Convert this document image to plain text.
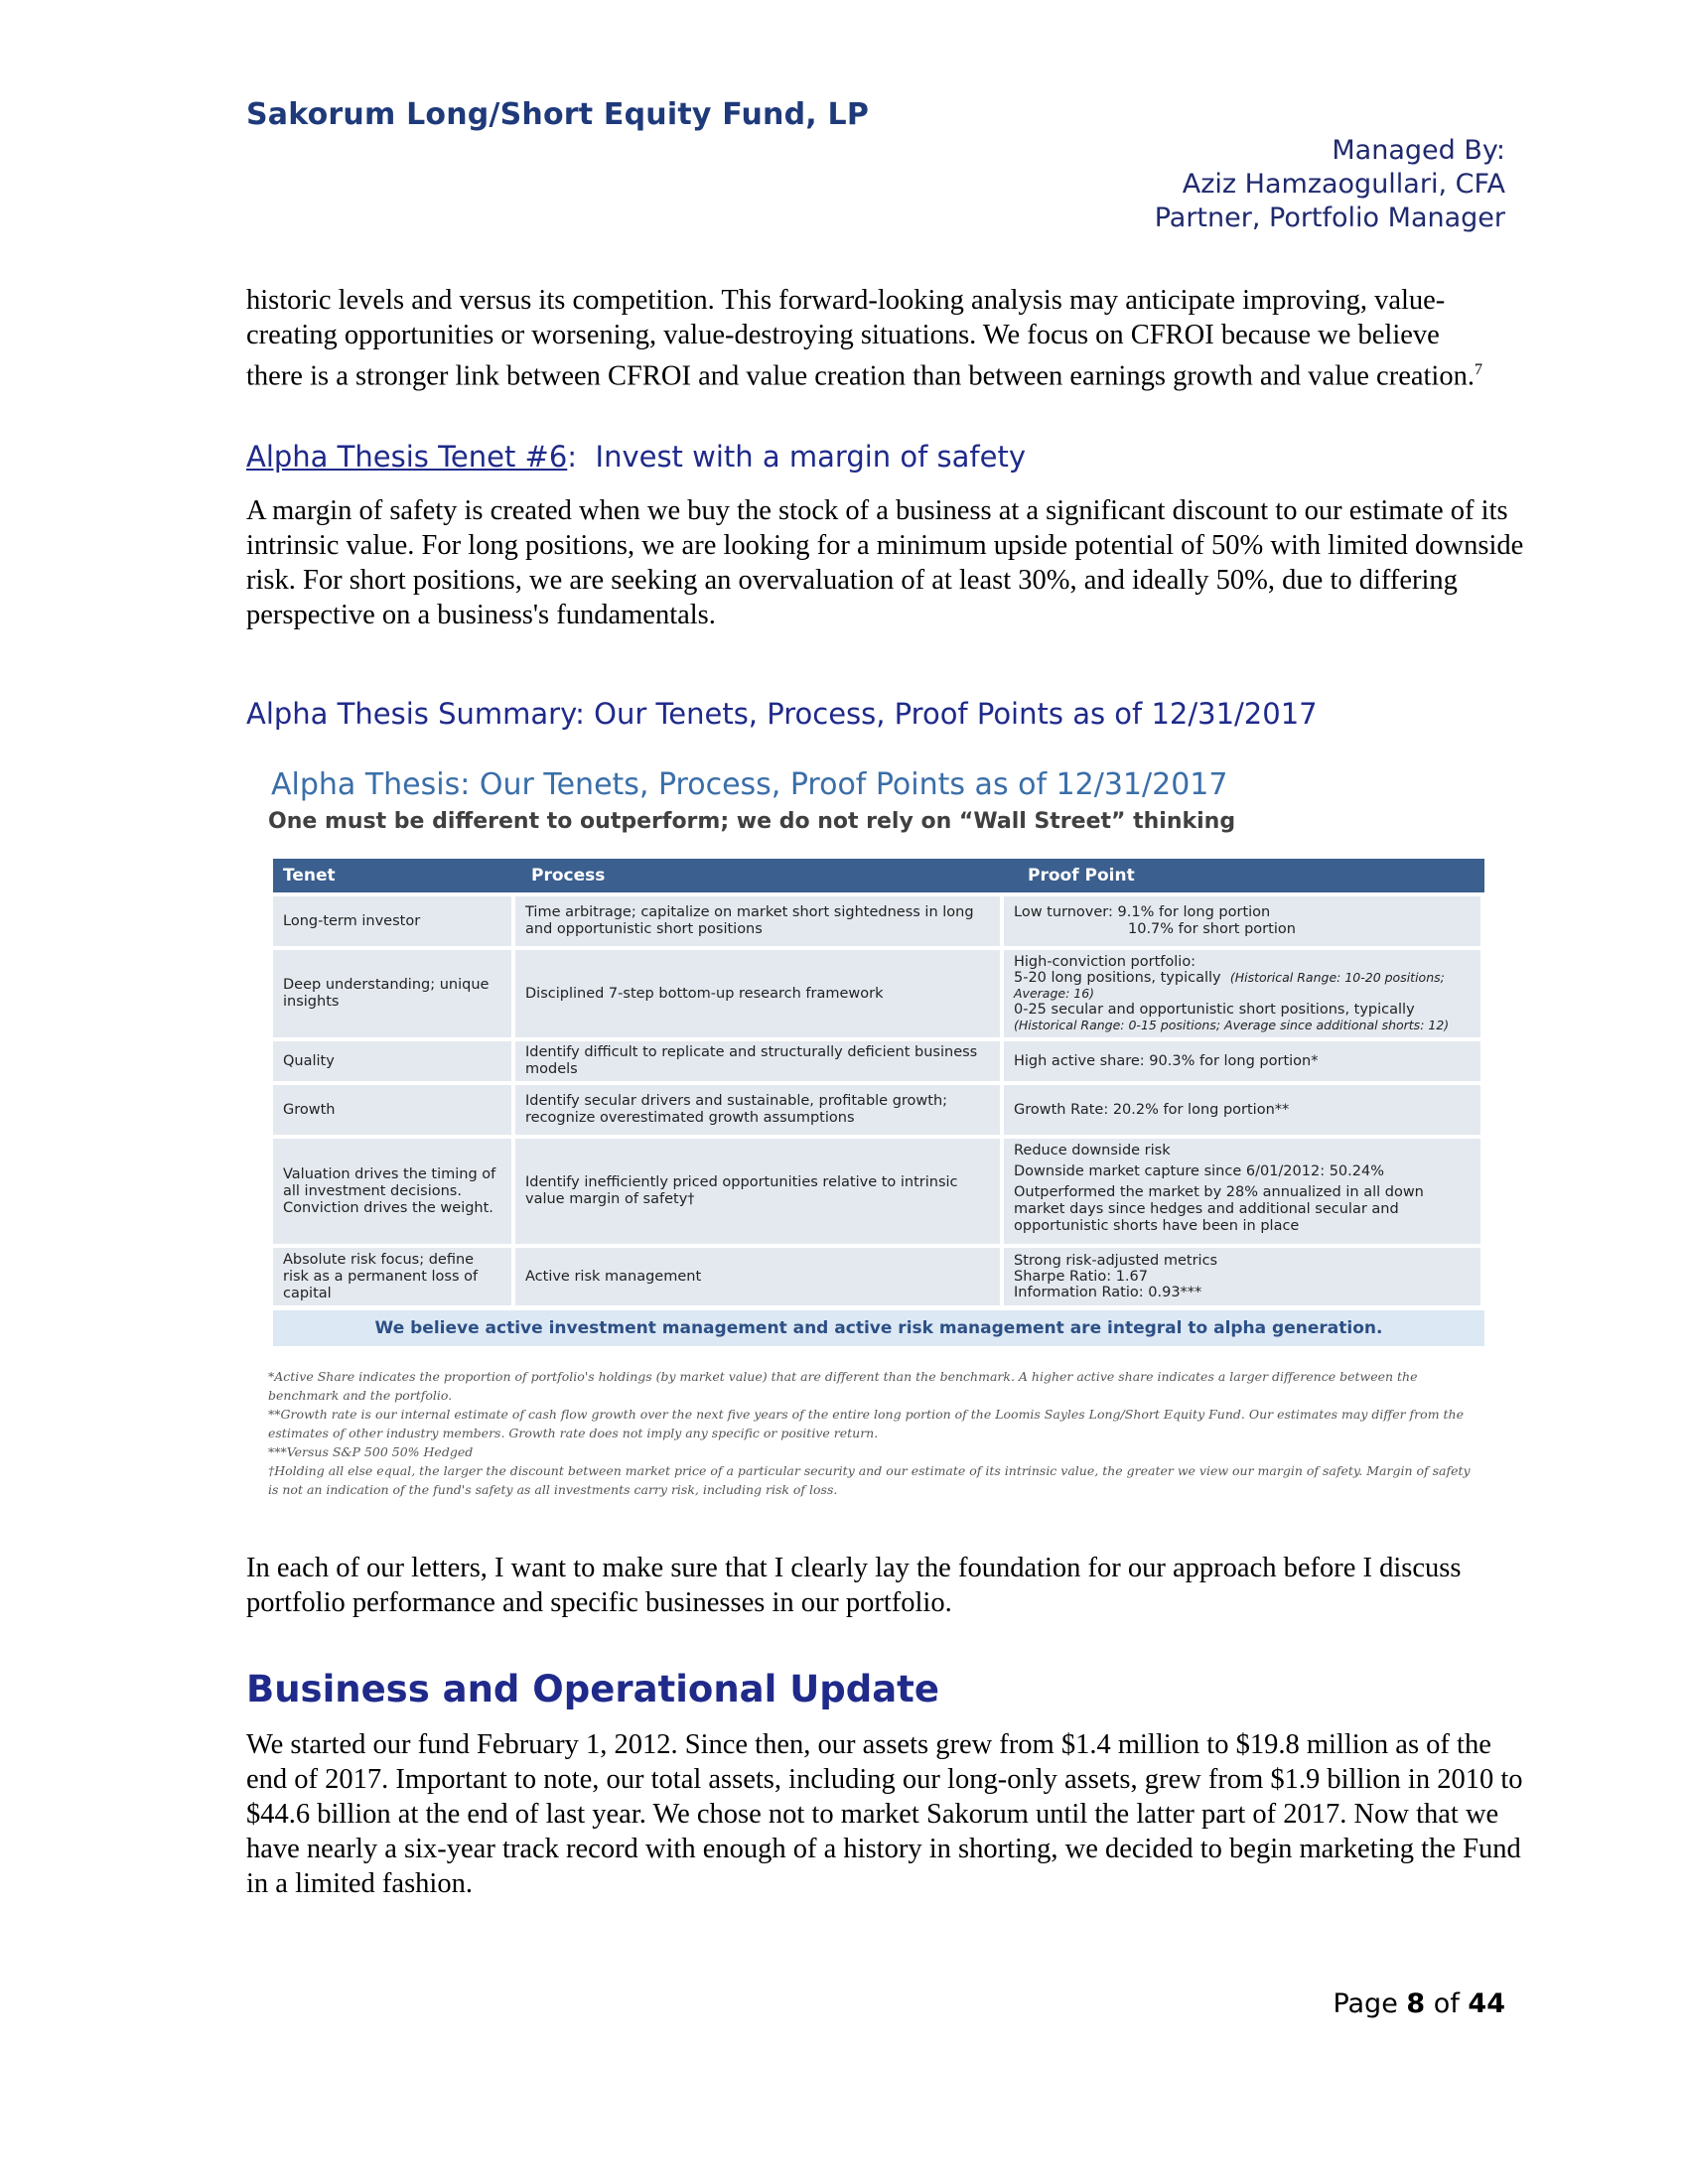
Sakorum Long/Short Equity Fund, LP
Managed By:
Aziz Hamzaogullari, CFA
Partner, Portfolio Manager
historic levels and versus its competition. This forward-looking analysis may anticipate improving, value-creating opportunities or worsening, value-destroying situations. We focus on CFROI because we believe there is a stronger link between CFROI and value creation than between earnings growth and value creation.$^7$
Alpha Thesis Tenet #6: Invest with a margin of safety
A margin of safety is created when we buy the stock of a business at a significant discount to our estimate of its intrinsic value. For long positions, we are looking for a minimum upside potential of 50% with limited downside risk. For short positions, we are seeking an overvaluation of at least 30%, and ideally 50%, due to differing perspective on a business's fundamentals.
Alpha Thesis Summary: Our Tenets, Process, Proof Points as of 12/31/2017
Alpha Thesis: Our Tenets, Process, Proof Points as of 12/31/2017
One must be different to outperform; we do not rely on “Wall Street” thinking
Tenet	Process	Proof Point
Long-term investor
Time arbitrage; capitalize on market short sightedness in long and opportunistic short positions
Low turnover: 9.1% for long portion
10.7% for short portion
Deep understanding; unique insights
Disciplined 7-step bottom-up research framework
High-conviction portfolio:
5-20 long positions, typically (Historical Range: 10-20 positions; Average: 16)
0-25 secular and opportunistic short positions, typically
(Historical Range: 0-15 positions; Average since additional shorts: 12)
Quality
Identify difficult to replicate and structurally deficient business models
High active share: 90.3% for long portion*
Growth
Identify secular drivers and sustainable, profitable growth; recognize overestimated growth assumptions
Growth Rate: 20.2% for long portion**
Valuation drives the timing of all investment decisions. Conviction drives the weight.
Identify inefficiently priced opportunities relative to intrinsic value margin of safety†
Reduce downside risk
Downside market capture since 6/01/2012: 50.24%
Outperformed the market by 28% annualized in all down market days since hedges and additional secular and opportunistic shorts have been in place
Absolute risk focus; define risk as a permanent loss of capital
Active risk management
Strong risk-adjusted metrics
Sharpe Ratio: 1.67
Information Ratio: 0.93***
We believe active investment management and active risk management are integral to alpha generation.
*Active Share indicates the proportion of portfolio's holdings (by market value) that are different than the benchmark. A higher active share indicates a larger difference between the benchmark and the portfolio.
**Growth rate is our internal estimate of cash flow growth over the next five years of the entire long portion of the Loomis Sayles Long/Short Equity Fund. Our estimates may differ from the estimates of other industry members. Growth rate does not imply any specific or positive return.
***Versus S&P 500 50% Hedged
†Holding all else equal, the larger the discount between market price of a particular security and our estimate of its intrinsic value, the greater we view our margin of safety. Margin of safety is not an indication of the fund's safety as all investments carry risk, including risk of loss.
In each of our letters, I want to make sure that I clearly lay the foundation for our approach before I discuss portfolio performance and specific businesses in our portfolio.
Business and Operational Update
We started our fund February 1, 2012. Since then, our assets grew from $1.4 million to $19.8 million as of the end of 2017. Important to note, our total assets, including our long-only assets, grew from $1.9 billion in 2010 to $44.6 billion at the end of last year. We chose not to market Sakorum until the latter part of 2017. Now that we have nearly a six-year track record with enough of a history in shorting, we decided to begin marketing the Fund in a limited fashion.
Page 8 of 44
